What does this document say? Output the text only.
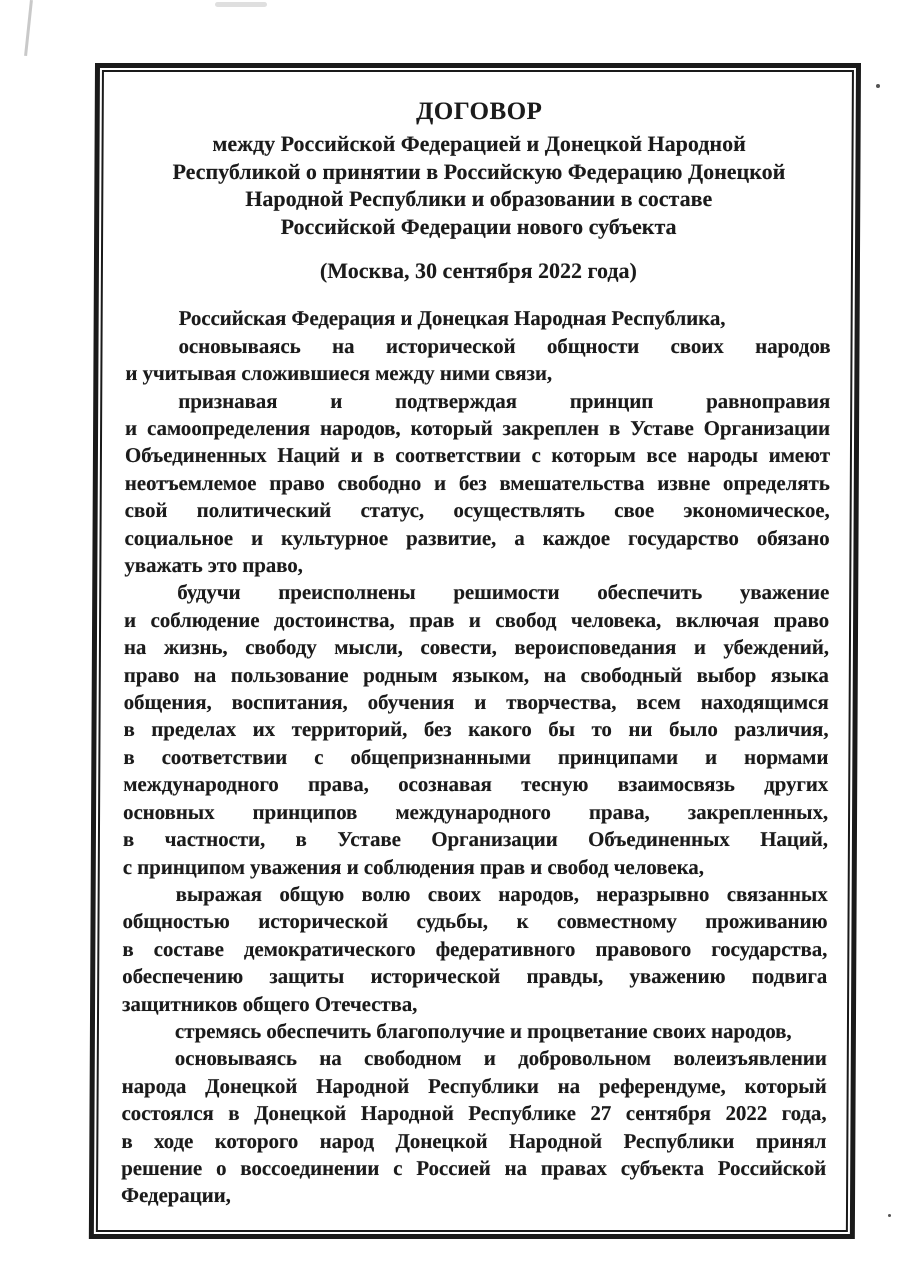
ДОГОВОР
между Российской Федерацией и Донецкой Народной
Республикой о принятии в Российскую Федерацию Донецкой
Народной Республики и образовании в составе
Российской Федерации нового субъекта
(Москва, 30 сентября 2022 года)
Российская Федерация и Донецкая Народная Республика,
основываясь на исторической общности своих народов
и учитывая сложившиеся между ними связи,
признавая и подтверждая принцип равноправия
и самоопределения народов, который закреплен в Уставе Организации
Объединенных Наций и в соответствии с которым все народы имеют
неотъемлемое право свободно и без вмешательства извне определять
свой политический статус, осуществлять свое экономическое,
социальное и культурное развитие, а каждое государство обязано
уважать это право,
будучи преисполнены решимости обеспечить уважение
и соблюдение достоинства, прав и свобод человека, включая право
на жизнь, свободу мысли, совести, вероисповедания и убеждений,
право на пользование родным языком, на свободный выбор языка
общения, воспитания, обучения и творчества, всем находящимся
в пределах их территорий, без какого бы то ни было различия,
в соответствии с общепризнанными принципами и нормами
международного права, осознавая тесную взаимосвязь других
основных принципов международного права, закрепленных,
в частности, в Уставе Организации Объединенных Наций,
с принципом уважения и соблюдения прав и свобод человека,
выражая общую волю своих народов, неразрывно связанных
общностью исторической судьбы, к совместному проживанию
в составе демократического федеративного правового государства,
обеспечению защиты исторической правды, уважению подвига
защитников общего Отечества,
стремясь обеспечить благополучие и процветание своих народов,
основываясь на свободном и добровольном волеизъявлении
народа Донецкой Народной Республики на референдуме, который
состоялся в Донецкой Народной Республике 27 сентября 2022 года,
в ходе которого народ Донецкой Народной Республики принял
решение о воссоединении с Россией на правах субъекта Российской
Федерации,
